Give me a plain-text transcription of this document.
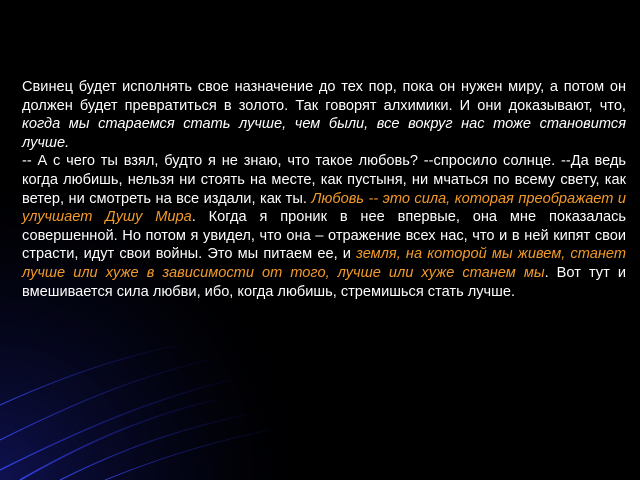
Свинец будет исполнять свое назначение до тех пор, пока он нужен миру, а потом он должен будет превратиться в золото. Так говорят алхимики. И они доказывают, что, когда мы стараемся стать лучше, чем были, все вокруг нас тоже становится лучше.

-- А с чего ты взял, будто я не знаю, что такое любовь? --спросило солнце. --Да ведь когда любишь, нельзя ни стоять на месте, как пустыня, ни мчаться по всему свету, как ветер, ни смотреть на все издали, как ты. Любовь -- это сила, которая преображает и улучшает Душу Мира. Когда я проник в нее впервые, она мне показалась совершенной. Но потом я увидел, что она – отражение всех нас, что и в ней кипят свои страсти, идут свои войны. Это мы питаем ее, и земля, на которой мы живем, станет лучше или хуже в зависимости от того, лучше или хуже станем мы. Вот тут и вмешивается сила любви, ибо, когда любишь, стремишься стать лучше.
